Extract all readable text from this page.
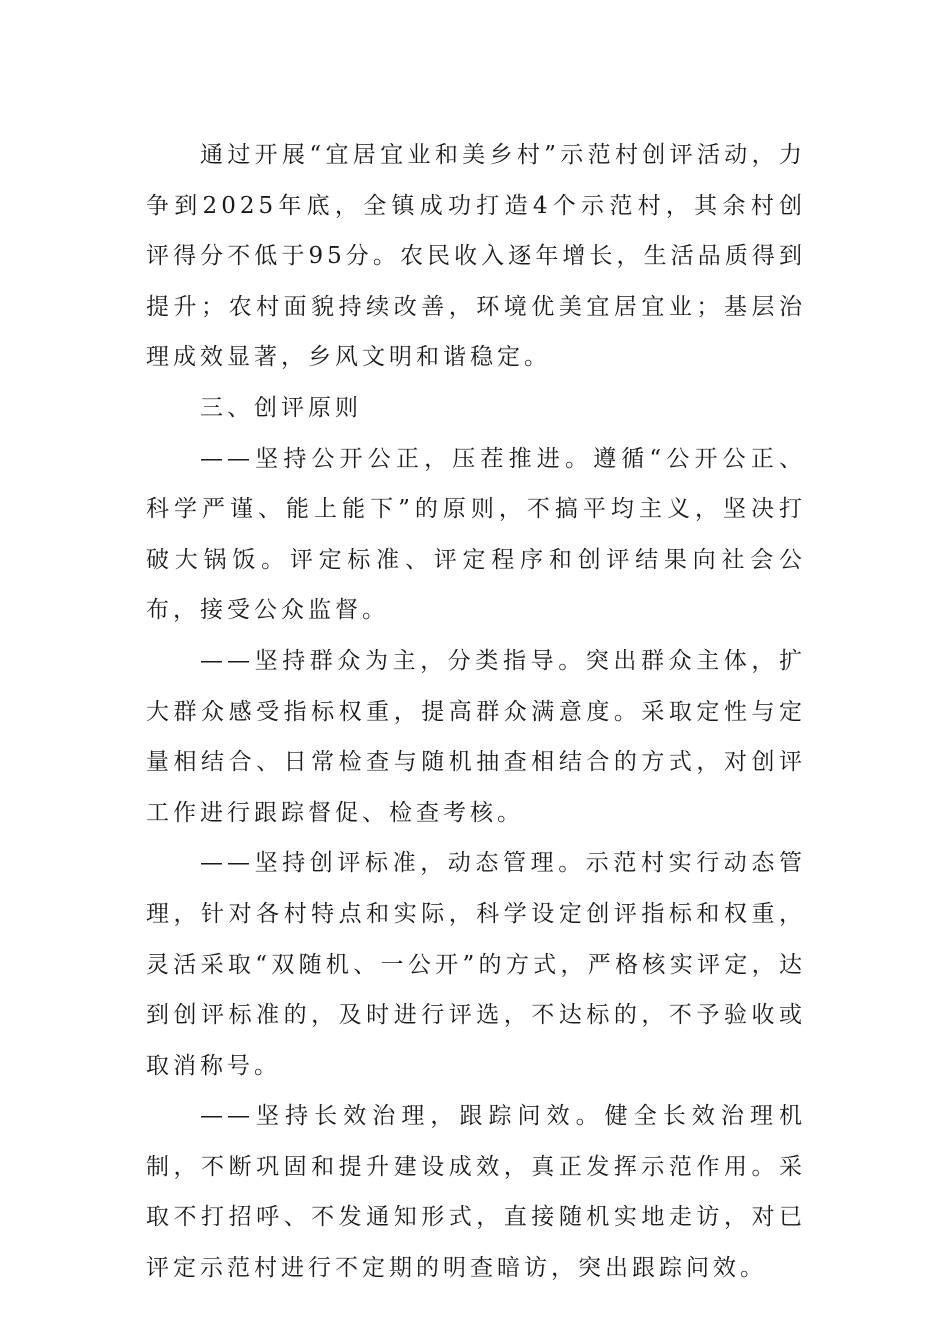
通过开展“宜居宜业和美乡村”示范村创评活动，力争到2025年底，全镇成功打造4个示范村，其余村创评得分不低于95分。农民收入逐年增长，生活品质得到提升；农村面貌持续改善，环境优美宜居宜业；基层治理成效显著，乡风文明和谐稳定。

三、创评原则

——坚持公开公正，压茬推进。遵循“公开公正、科学严谨、能上能下”的原则，不搞平均主义，坚决打破大锅饭。评定标准、评定程序和创评结果向社会公布，接受公众监督。

——坚持群众为主，分类指导。突出群众主体，扩大群众感受指标权重，提高群众满意度。采取定性与定量相结合、日常检查与随机抽查相结合的方式，对创评工作进行跟踪督促、检查考核。

——坚持创评标准，动态管理。示范村实行动态管理，针对各村特点和实际，科学设定创评指标和权重，灵活采取“双随机、一公开”的方式，严格核实评定，达到创评标准的，及时进行评选，不达标的，不予验收或取消称号。

——坚持长效治理，跟踪问效。健全长效治理机制，不断巩固和提升建设成效，真正发挥示范作用。采取不打招呼、不发通知形式，直接随机实地走访，对已评定示范村进行不定期的明查暗访，突出跟踪问效。
